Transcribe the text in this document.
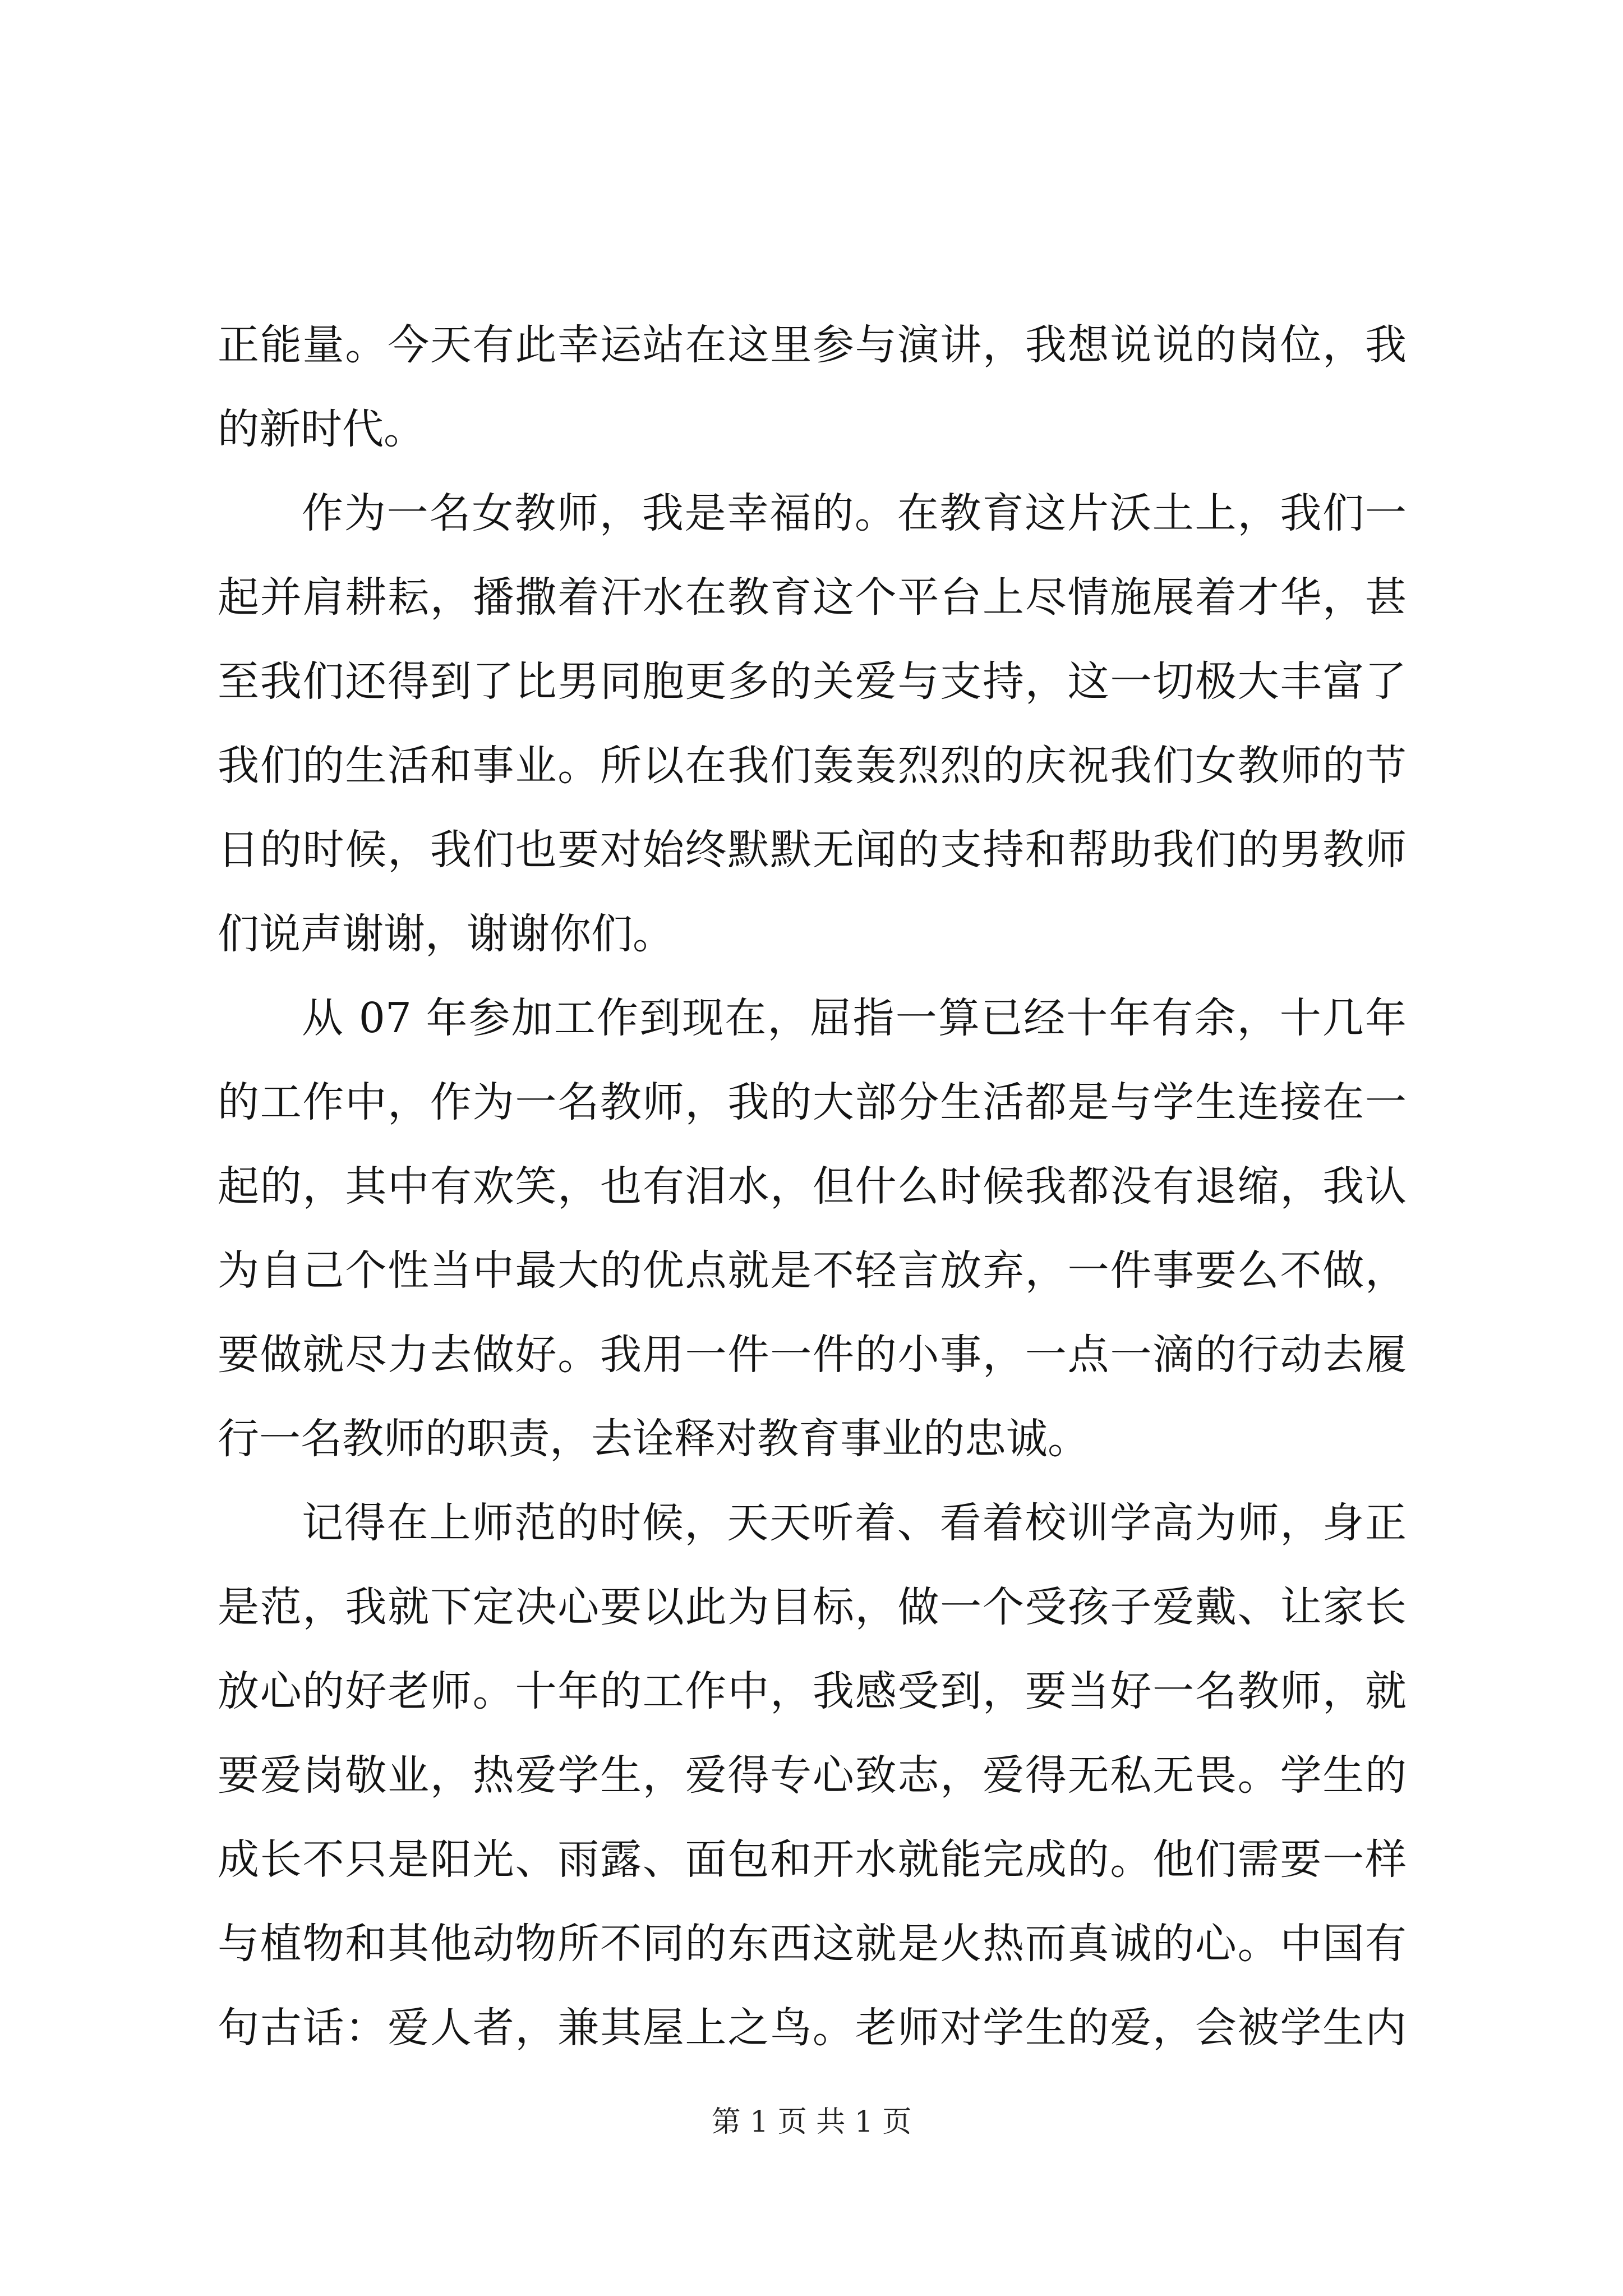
正能量。今天有此幸运站在这里参与演讲，我想说说的岗位，我
的新时代。
作为一名女教师，我是幸福的。在教育这片沃土上，我们一
起并肩耕耘，播撒着汗水在教育这个平台上尽情施展着才华，甚
至我们还得到了比男同胞更多的关爱与支持，这一切极大丰富了
我们的生活和事业。所以在我们轰轰烈烈的庆祝我们女教师的节
日的时候，我们也要对始终默默无闻的支持和帮助我们的男教师
们说声谢谢，谢谢你们。
从 07 年参加工作到现在，屈指一算已经十年有余，十几年
的工作中，作为一名教师，我的大部分生活都是与学生连接在一
起的，其中有欢笑，也有泪水，但什么时候我都没有退缩，我认
为自己个性当中最大的优点就是不轻言放弃，一件事要么不做，
要做就尽力去做好。我用一件一件的小事，一点一滴的行动去履
行一名教师的职责，去诠释对教育事业的忠诚。
记得在上师范的时候，天天听着、看着校训学高为师，身正
是范，我就下定决心要以此为目标，做一个受孩子爱戴、让家长
放心的好老师。十年的工作中，我感受到，要当好一名教师，就
要爱岗敬业，热爱学生，爱得专心致志，爱得无私无畏。学生的
成长不只是阳光、雨露、面包和开水就能完成的。他们需要一样
与植物和其他动物所不同的东西这就是火热而真诚的心。中国有
句古话：爱人者，兼其屋上之鸟。老师对学生的爱，会被学生内
第 1 页 共 1 页
